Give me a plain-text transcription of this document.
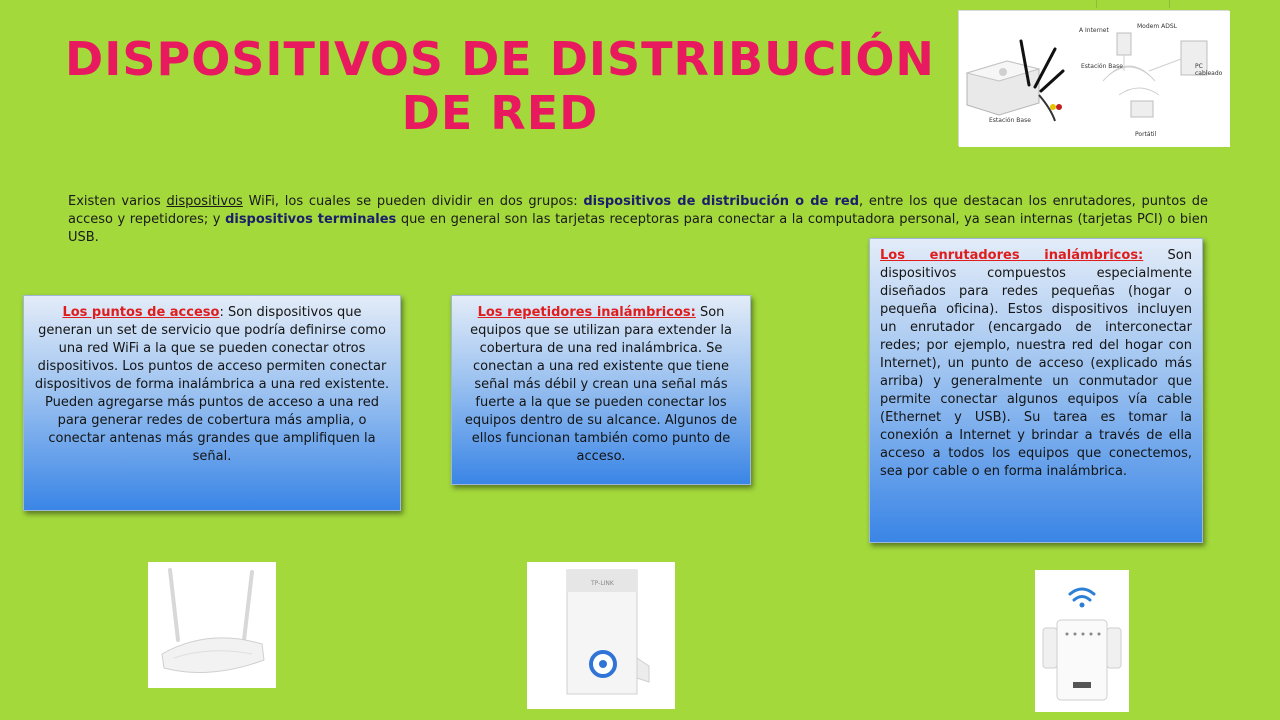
DISPOSITIVOS DE DISTRIBUCIÓN
DE RED
A Internet
Modem ADSL
Estación Base	PC cableado
Portátil
Estación Base

Existen varios dispositivos WiFi, los cuales se pueden dividir en dos grupos: dispositivos de distribución o de red, entre los que destacan los enrutadores, puntos de acceso y repetidores; y dispositivos terminales que en general son las tarjetas receptoras para conectar a la computadora personal, ya sean internas (tarjetas PCI) o bien USB.

Los puntos de acceso: Son dispositivos que generan un set de servicio que podría definirse como una red WiFi a la que se pueden conectar otros dispositivos. Los puntos de acceso permiten conectar dispositivos de forma inalámbrica a una red existente. Pueden agregarse más puntos de acceso a una red para generar redes de cobertura más amplia, o conectar antenas más grandes que amplifiquen la señal.
Los repetidores inalámbricos: Son equipos que se utilizan para extender la cobertura de una red inalámbrica. Se conectan a una red existente que tiene señal más débil y crean una señal más fuerte a la que se pueden conectar los equipos dentro de su alcance. Algunos de ellos funcionan también como punto de acceso.
Los enrutadores inalámbricos: Son dispositivos compuestos especialmente diseñados para redes pequeñas (hogar o pequeña oficina). Estos dispositivos incluyen un enrutador (encargado de interconectar redes; por ejemplo, nuestra red del hogar con Internet), un punto de acceso (explicado más arriba) y generalmente un conmutador que permite conectar algunos equipos vía cable (Ethernet y USB). Su tarea es tomar la conexión a Internet y brindar a través de ella acceso a todos los equipos que conectemos, sea por cable o en forma inalámbrica.
TP-LINK
